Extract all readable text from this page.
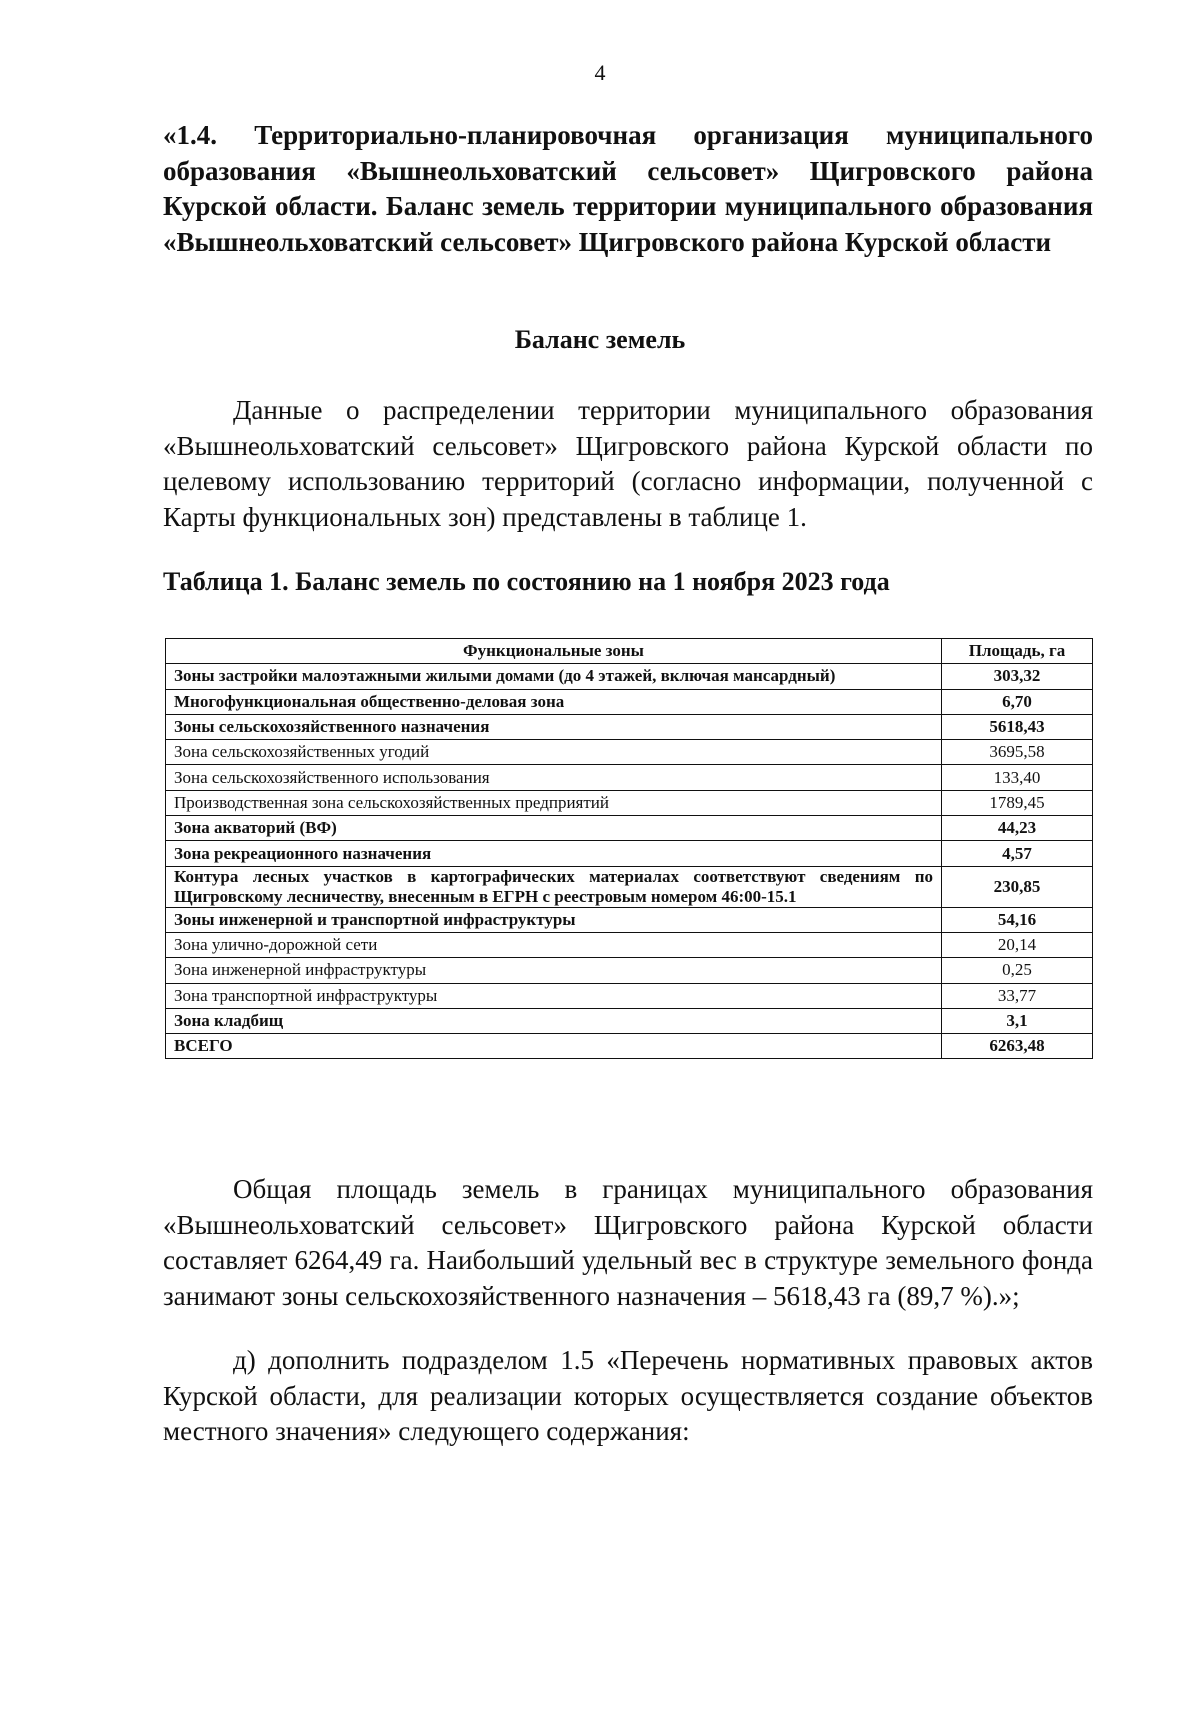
4
«1.4. Территориально-планировочная организация муниципального образования «Вышнеольховатский сельсовет» Щигровского района Курской области. Баланс земель территории муниципального образования «Вышнеольховатский сельсовет» Щигровского района Курской области
Баланс земель
Данные о распределении территории муниципального образования «Вышнеольховатский сельсовет» Щигровского района Курской области по целевому использованию территорий (согласно информации, полученной с Карты функциональных зон) представлены в таблице 1.
Таблица 1. Баланс земель по состоянию на 1 ноября 2023 года
Функциональные зоны	Площадь, га
Зоны застройки малоэтажными жилыми домами (до 4 этажей, включая мансардный)	303,32
Многофункциональная общественно-деловая зона	6,70
Зоны сельскохозяйственного назначения	5618,43
Зона сельскохозяйственных угодий	3695,58
Зона сельскохозяйственного использования	133,40
Производственная зона сельскохозяйственных предприятий	1789,45
Зона акваторий (ВФ)	44,23
Зона рекреационного назначения	4,57
Контура лесных участков в картографических материалах соответствуют сведениям по Щигровскому лесничеству, внесенным в ЕГРН с реестровым номером 46:00-15.1	230,85
Зоны инженерной и транспортной инфраструктуры	54,16
Зона улично-дорожной сети	20,14
Зона инженерной инфраструктуры	0,25
Зона транспортной инфраструктуры	33,77
Зона кладбищ	3,1
ВСЕГО	6263,48
Общая площадь земель в границах муниципального образования «Вышнеольховатский сельсовет» Щигровского района Курской области составляет 6264,49 га. Наибольший удельный вес в структуре земельного фонда занимают зоны сельскохозяйственного назначения – 5618,43 га (89,7 %).»;
д) дополнить подразделом 1.5 «Перечень нормативных правовых актов Курской области, для реализации которых осуществляется создание объектов местного значения» следующего содержания:
